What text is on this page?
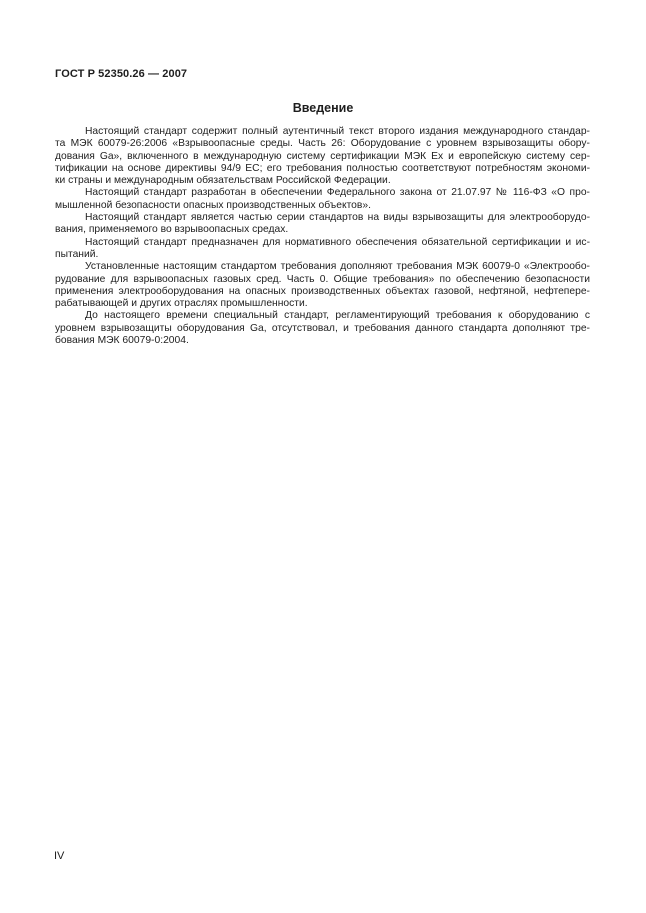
ГОСТ Р 52350.26 — 2007
Введение
Настоящий стандарт содержит полный аутентичный текст второго издания международного стандар-
та МЭК 60079-26:2006 «Взрывоопасные среды. Часть 26: Оборудование с уровнем взрывозащиты обору-
дования Ga», включенного в международную систему сертификации МЭК Ex и европейскую систему сер-
тификации на основе директивы 94/9 ЕС; его требования полностью соответствуют потребностям экономи-
ки страны и международным обязательствам Российской Федерации.
Настоящий стандарт разработан в обеспечении Федерального закона от 21.07.97 № 116-ФЗ «О про-
мышленной безопасности опасных производственных объектов».
Настоящий стандарт является частью серии стандартов на виды взрывозащиты для электрооборудо-
вания, применяемого во взрывоопасных средах.
Настоящий стандарт предназначен для нормативного обеспечения обязательной сертификации и ис-
пытаний.
Установленные настоящим стандартом требования дополняют требования МЭК 60079-0 «Электрообо-
рудование для взрывоопасных газовых сред. Часть 0. Общие требования» по обеспечению безопасности
применения электрооборудования на опасных производственных объектах газовой, нефтяной, нефтепере-
рабатывающей и других отраслях промышленности.
До настоящего времени специальный стандарт, регламентирующий требования к оборудованию с
уровнем взрывозащиты оборудования Ga, отсутствовал, и требования данного стандарта дополняют тре-
бования МЭК 60079-0:2004.
IV
